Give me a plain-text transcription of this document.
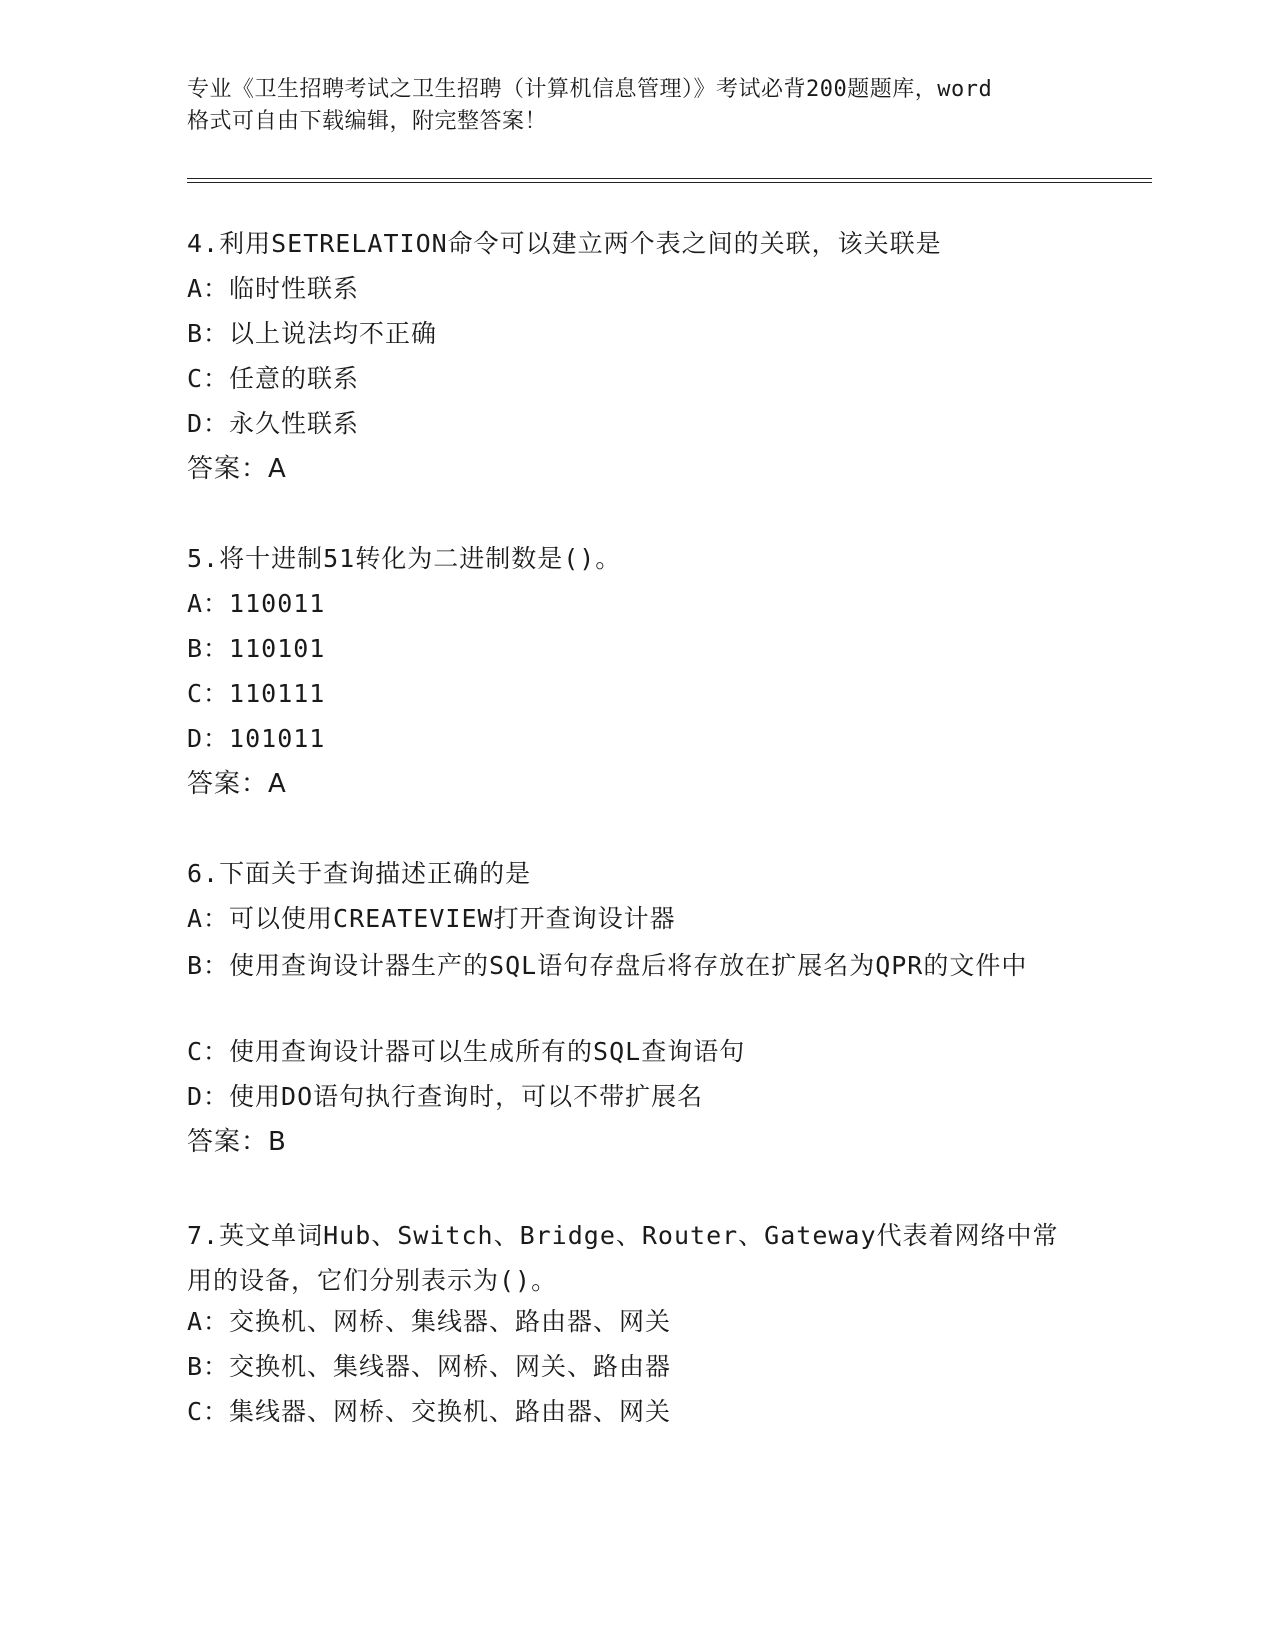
专业《卫生招聘考试之卫生招聘（计算机信息管理）》考试必背200题题库，word
格式可自由下载编辑，附完整答案！
4.利用SETRELATION命令可以建立两个表之间的关联，该关联是
A：临时性联系
B：以上说法均不正确
C：任意的联系
D：永久性联系
答案：A
5.将十进制51转化为二进制数是()。
A：110011
B：110101
C：110111
D：101011
答案：A
6.下面关于查询描述正确的是
A：可以使用CREATEVIEW打开查询设计器
B：使用查询设计器生产的SQL语句存盘后将存放在扩展名为QPR的文件中
C：使用查询设计器可以生成所有的SQL查询语句
D：使用DO语句执行查询时，可以不带扩展名
答案：B
7.英文单词Hub、Switch、Bridge、Router、Gateway代表着网络中常用的设备，它们分别表示为()。
A：交换机、网桥、集线器、路由器、网关
B：交换机、集线器、网桥、网关、路由器
C：集线器、网桥、交换机、路由器、网关
